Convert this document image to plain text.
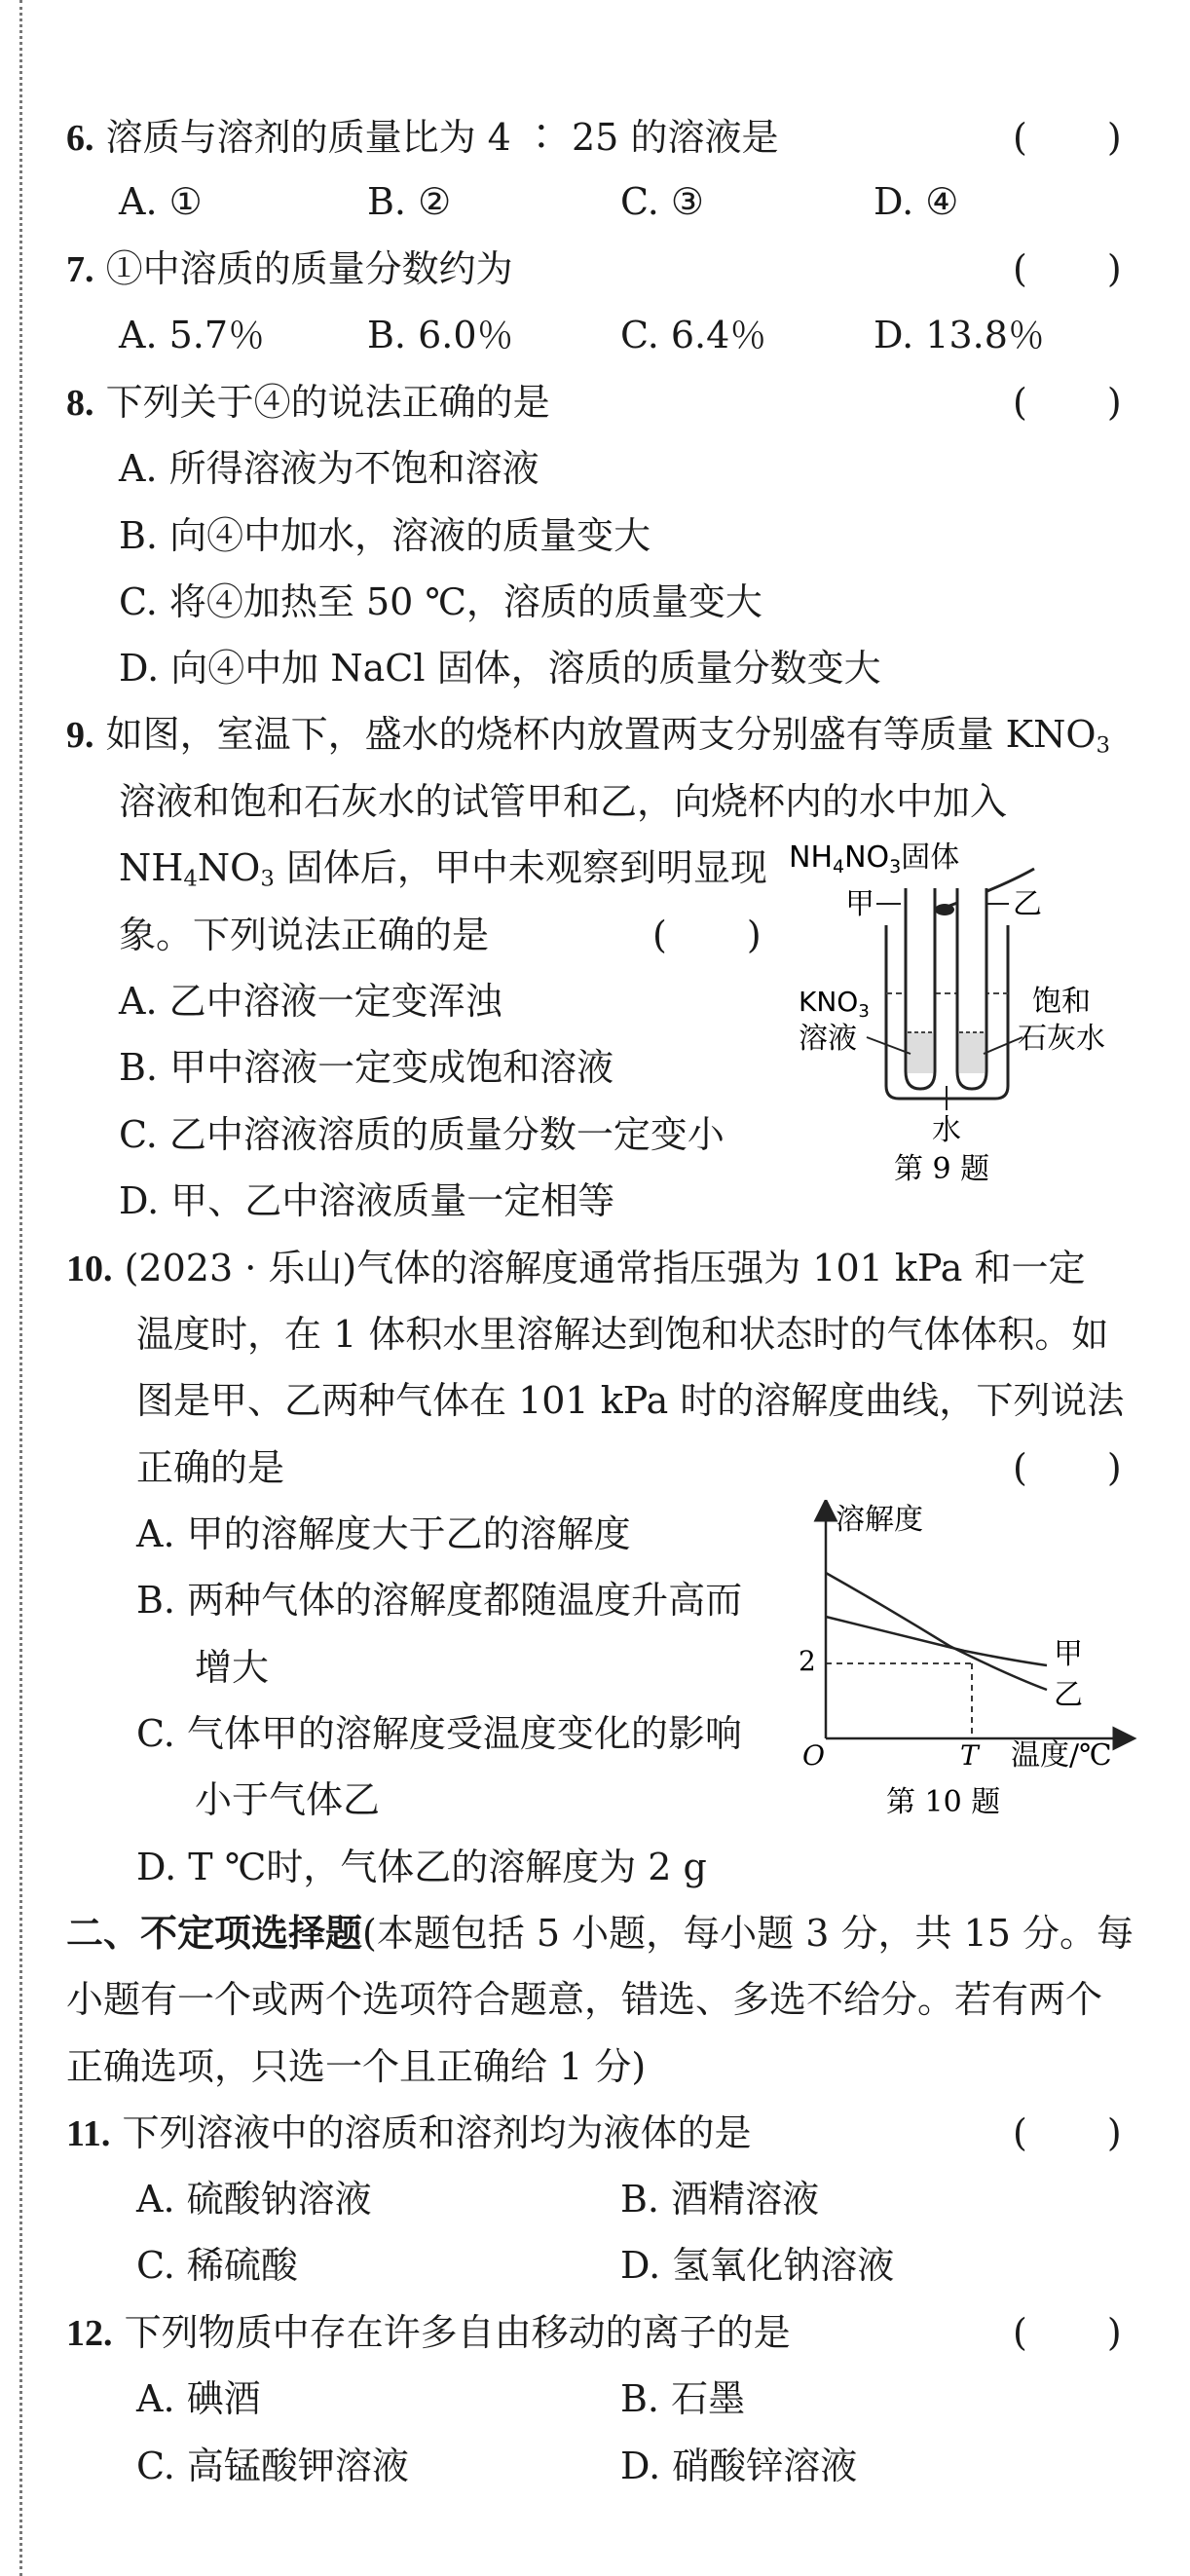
6. 溶质与溶剂的质量比为 4 ∶ 25 的溶液是	(　　)
A. ①	B. ②	C. ③	D. ④
7. ①中溶质的质量分数约为	(　　)
A. 5.7％	B. 6.0％	C. 6.4％	D. 13.8％
8. 下列关于④的说法正确的是	(　　)
A. 所得溶液为不饱和溶液
B. 向④中加水，溶液的质量变大
C. 将④加热至 50 ℃，溶质的质量变大
D. 向④中加 NaCl 固体，溶质的质量分数变大
9. 如图，室温下，盛水的烧杯内放置两支分别盛有等质量 $KNO_3$
溶液和饱和石灰水的试管甲和乙，向烧杯内的水中加入
$NH_4NO_3$ 固体后，甲中未观察到明显现
象。下列说法正确的是	(　　)
A. 乙中溶液一定变浑浊
B. 甲中溶液一定变成饱和溶液
C. 乙中溶液溶质的质量分数一定变小
D. 甲、乙中溶液质量一定相等
$NH_4NO_3$固体
甲	乙
$KNO_3$
溶液
饱和
石灰水
水
第 9 题
10. (2023 · 乐山)气体的溶解度通常指压强为 101 kPa 和一定
温度时，在 1 体积水里溶解达到饱和状态时的气体体积。如
图是甲、乙两种气体在 101 kPa 时的溶解度曲线，下列说法
正确的是	(　　)
A. 甲的溶解度大于乙的溶解度
B. 两种气体的溶解度都随温度升高而
增大
C. 气体甲的溶解度受温度变化的影响
小于气体乙
D. T ℃时，气体乙的溶解度为 2 g
溶解度
温度/℃
O
2
T
甲
乙
第 10 题
二、不定项选择题(本题包括 5 小题，每小题 3 分，共 15 分。每
小题有一个或两个选项符合题意，错选、多选不给分。若有两个
正确选项，只选一个且正确给 1 分)
11. 下列溶液中的溶质和溶剂均为液体的是	(　　)
A. 硫酸钠溶液	B. 酒精溶液
C. 稀硫酸	D. 氢氧化钠溶液
12. 下列物质中存在许多自由移动的离子的是	(　　)
A. 碘酒	B. 石墨
C. 高锰酸钾溶液	D. 硝酸锌溶液
